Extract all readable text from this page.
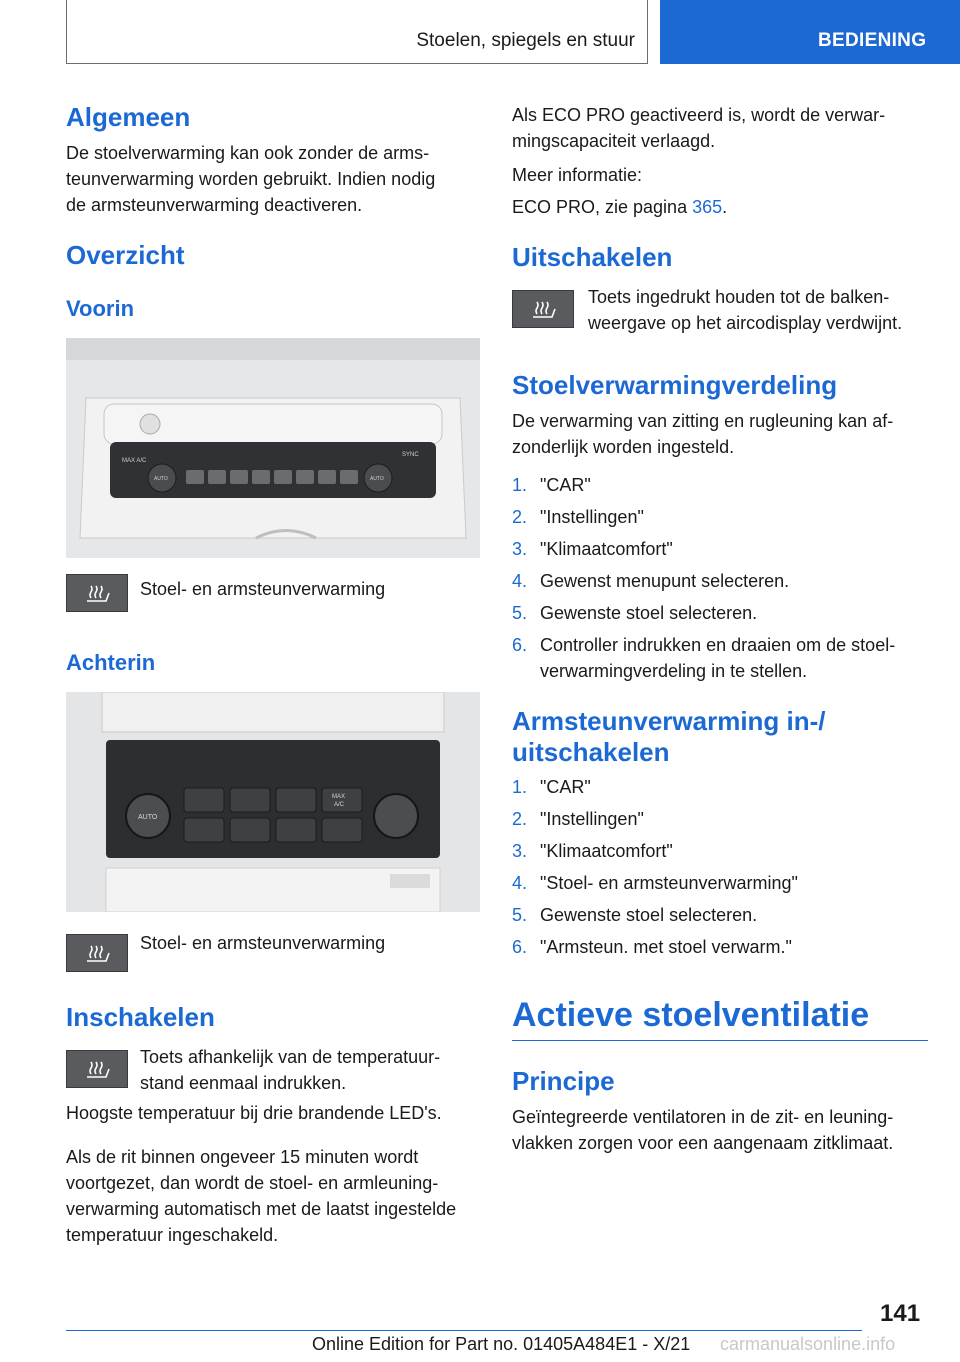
Stoelen, spiegels en stuur	BEDIENING
Algemeen
De stoelverwarming kan ook zonder de arms-
teunverwarming worden gebruikt. Indien nodig
de armsteunverwarming deactiveren.
Overzicht
Voorin
MAX A/C
SYNC
AUTO	AUTO
Stoel- en armsteunverwarming
Achterin
AUTO
MAX
A/C
Stoel- en armsteunverwarming
Inschakelen
Toets afhankelijk van de temperatuur-
stand eenmaal indrukken.
Hoogste temperatuur bij drie brandende LED's.
Als de rit binnen ongeveer 15 minuten wordt
voortgezet, dan wordt de stoel- en armleuning-
verwarming automatisch met de laatst ingestelde
temperatuur ingeschakeld.
Als ECO PRO geactiveerd is, wordt de verwar-
mingscapaciteit verlaagd.
Meer informatie:
ECO PRO, zie pagina 365.
Uitschakelen
Toets ingedrukt houden tot de balken-
weergave op het aircodisplay verdwijnt.
Stoelverwarmingverdeling
De verwarming van zitting en rugleuning kan af-
zonderlijk worden ingesteld.
1. "CAR"
2. "Instellingen"
3. "Klimaatcomfort"
4. Gewenst menupunt selecteren.
5. Gewenste stoel selecteren.
6. Controller indrukken en draaien om de stoel-
verwarmingverdeling in te stellen.
Armsteunverwarming in-/
uitschakelen
1. "CAR"
2. "Instellingen"
3. "Klimaatcomfort"
4. "Stoel- en armsteunverwarming"
5. Gewenste stoel selecteren.
6. "Armsteun. met stoel verwarm."
Actieve stoelventilatie
Principe
Geïntegreerde ventilatoren in de zit- en leuning-
vlakken zorgen voor een aangenaam zitklimaat.
141
Online Edition for Part no. 01405A484E1 - X/21 carmanualsonline.info
